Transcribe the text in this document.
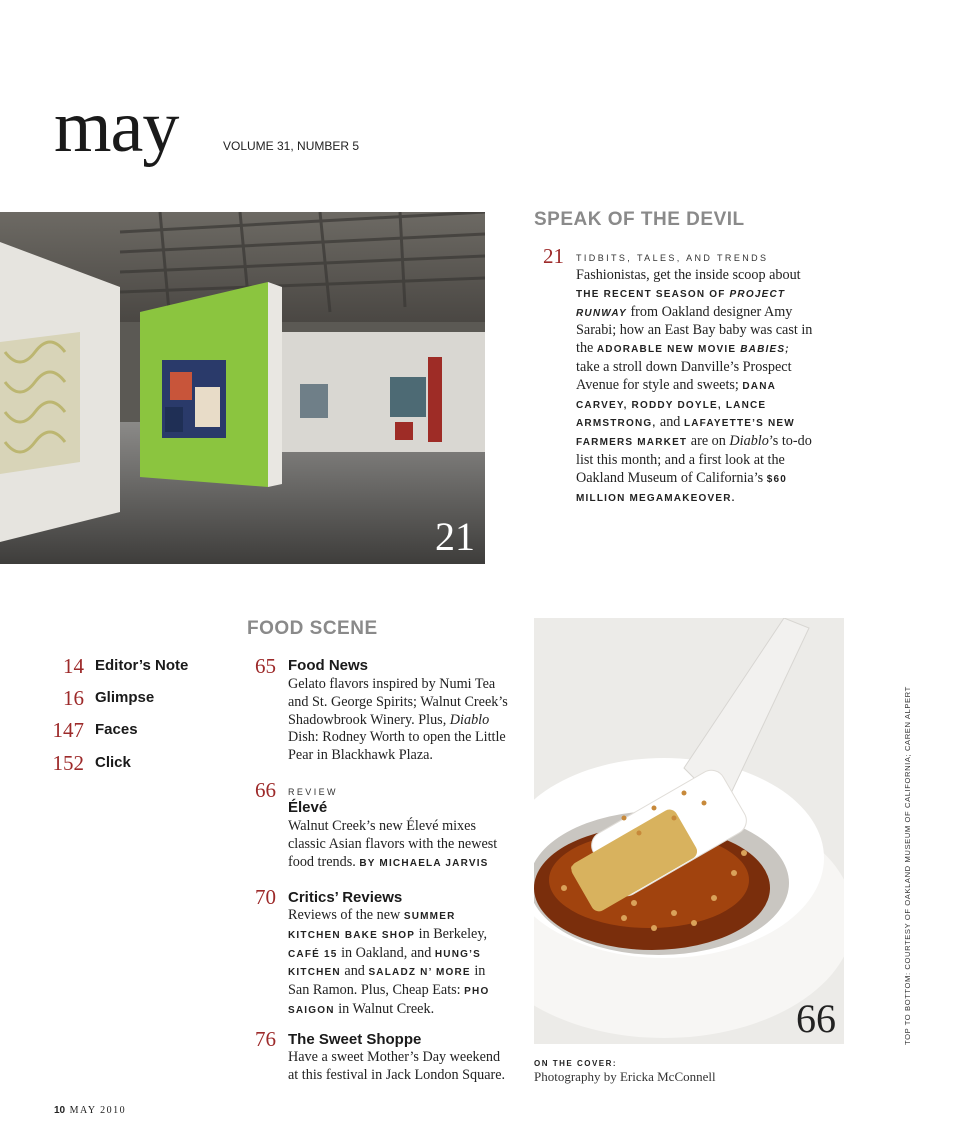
may	VOLUME 31, NUMBER 5
21
SPEAK OF THE DEVIL
21 TIDBITS, TALES, AND TRENDS
Fashionistas, get the inside scoop about THE RECENT SEASON OF PROJECT RUNWAY from Oakland designer Amy Sarabi; how an East Bay baby was cast in the ADORABLE NEW MOVIE BABIES; take a stroll down Danville’s Prospect Avenue for style and sweets; DANA CARVEY, RODDY DOYLE, LANCE ARMSTRONG, and LAFAYETTE’S NEW FARMERS MARKET are on Diablo’s to-do list this month; and a first look at the Oakland Museum of California’s $60 MILLION MEGAMAKEOVER.
14 Editor’s Note
16 Glimpse
147 Faces
152 Click
FOOD SCENE
65 Food News
Gelato flavors inspired by Numi Tea and St. George Spirits; Walnut Creek’s Shadowbrook Winery. Plus, Diablo Dish: Rodney Worth to open the Little Pear in Blackhawk Plaza.
66 REVIEW
Élevé
Walnut Creek’s new Élevé mixes classic Asian flavors with the newest food trends. BY MICHAELA JARVIS
70 Critics’ Reviews
Reviews of the new SUMMER KITCHEN BAKE SHOP in Berkeley, CAFÉ 15 in Oakland, and HUNG’S KITCHEN and SALADZ N’ MORE in San Ramon. Plus, Cheap Eats: PHO SAIGON in Walnut Creek.
76 The Sweet Shoppe
Have a sweet Mother’s Day weekend at this festival in Jack London Square.
66
ON THE COVER:
Photography by Ericka McConnell
TOP TO BOTTOM: COURTESY OF OAKLAND MUSEUM OF CALIFORNIA; CAREN ALPERT
10 MAY 2010
